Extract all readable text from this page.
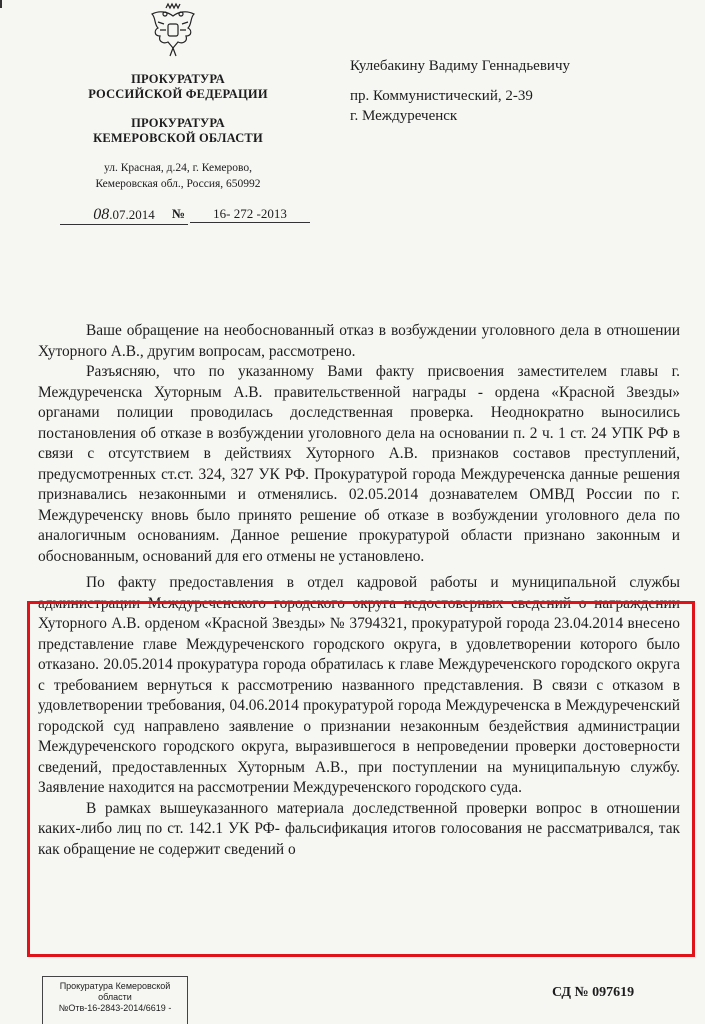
ПРОКУРАТУРА
РОССИЙСКОЙ ФЕДЕРАЦИИ
ПРОКУРАТУРА
КЕМЕРОВСКОЙ ОБЛАСТИ
ул. Красная, д.24, г. Кемерово,
Кемеровская обл., Россия, 650992
08.07.2014	№	16- 272 -2013
Кулебакину Вадиму Геннадьевичу
пр. Коммунистический, 2-39
г. Междуреченск

Ваше обращение на необоснованный отказ в возбуждении уголовного дела в отношении Хуторного А.В., другим вопросам, рассмотрено.

Разъясняю, что по указанному Вами факту присвоения заместителем главы г. Междуреченска Хуторным А.В. правительственной награды - ордена «Красной Звезды» органами полиции проводилась доследственная проверка. Неоднократно выносились постановления об отказе в возбуждении уголовного дела на основании п. 2 ч. 1 ст. 24 УПК РФ в связи с отсутствием в действиях Хуторного А.В. признаков составов преступлений, предусмотренных ст.ст. 324, 327 УК РФ. Прокуратурой города Междуреченска данные решения признавались незаконными и отменялись. 02.05.2014 дознавателем ОМВД России по г. Междуреченску вновь было принято решение об отказе в возбуждении уголовного дела по аналогичным основаниям. Данное решение прокуратурой области признано законным и обоснованным, оснований для его отмены не установлено.

По факту предоставления в отдел кадровой работы и муниципальной службы администрации Междуреченского городского округа недостоверных сведений о награждении Хуторного А.В. орденом «Красной Звезды» № 3794321, прокуратурой города 23.04.2014 внесено представление главе Междуреченского городского округа, в удовлетворении которого было отказано. 20.05.2014 прокуратура города обратилась к главе Междуреченского городского округа с требованием вернуться к рассмотрению названного представления. В связи с отказом в удовлетворении требования, 04.06.2014 прокуратурой города Междуреченска в Междуреченский городской суд направлено заявление о признании незаконным бездействия администрации Междуреченского городского округа, выразившегося в непроведении проверки достоверности сведений, предоставленных Хуторным А.В., при поступлении на муниципальную службу. Заявление находится на рассмотрении Междуреченского городского суда.

В рамках вышеуказанного материала доследственной проверки вопрос в отношении каких-либо лиц по ст. 142.1 УК РФ- фальсификация итогов голосования не рассматривался, так как обращение не содержит сведений о

Прокуратура Кемеровской
области
№Отв-16-2843-2014/6619 -
СД № 097619
